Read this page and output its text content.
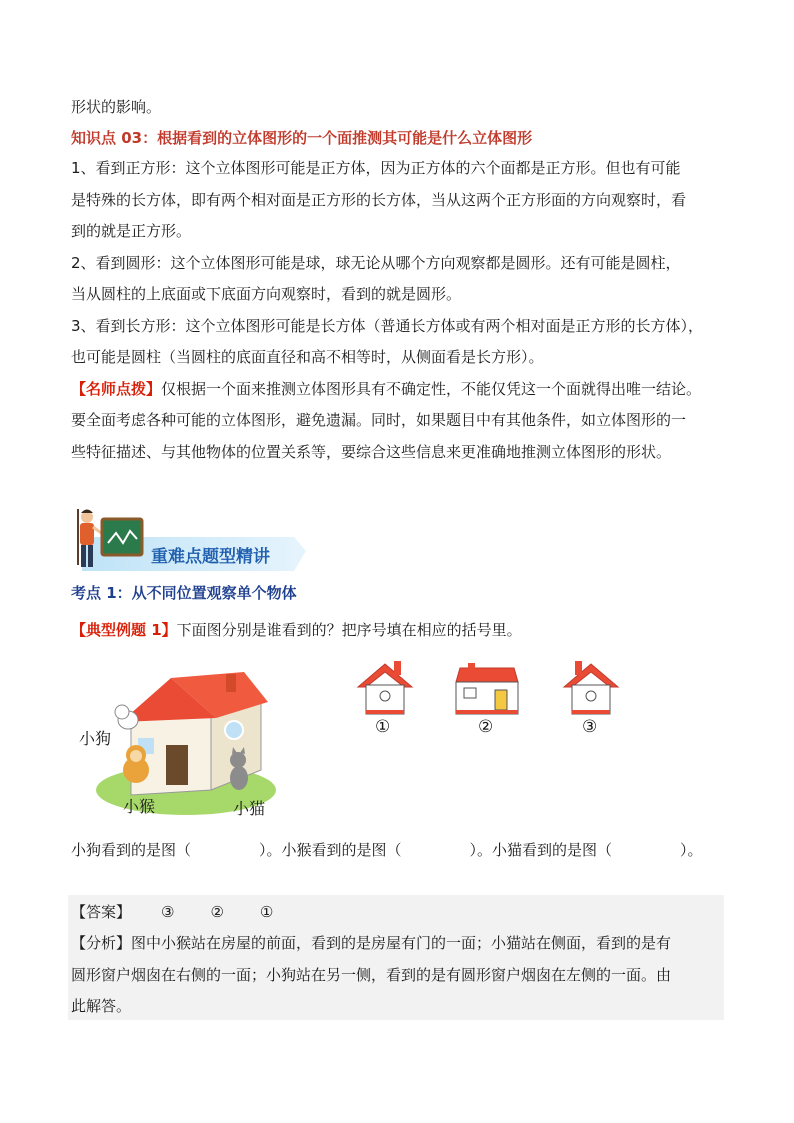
形状的影响。
知识点 03：根据看到的立体图形的一个面推测其可能是什么立体图形
1、看到正方形：这个立体图形可能是正方体，因为正方体的六个面都是正方形。但也有可能
是特殊的长方体，即有两个相对面是正方形的长方体，当从这两个正方形面的方向观察时，看
到的就是正方形。
2、看到圆形：这个立体图形可能是球，球无论从哪个方向观察都是圆形。还有可能是圆柱，
当从圆柱的上底面或下底面方向观察时，看到的就是圆形。
3、看到长方形：这个立体图形可能是长方体（普通长方体或有两个相对面是正方形的长方体），
也可能是圆柱（当圆柱的底面直径和高不相等时，从侧面看是长方形）。
【名师点拨】仅根据一个面来推测立体图形具有不确定性，不能仅凭这一个面就得出唯一结论。
要全面考虑各种可能的立体图形，避免遗漏。同时，如果题目中有其他条件，如立体图形的一
些特征描述、与其他物体的位置关系等，要综合这些信息来更准确地推测立体图形的形状。
重难点题型精讲
考点 1：从不同位置观察单个物体
【典型例题 1】下面图分别是谁看到的？把序号填在相应的括号里。
小狗
小猴	小猫
①	②	③
小狗看到的是图（	）。小猴看到的是图（	）。小猫看到的是图（	）。
【答案】 ③ ② ①
【分析】图中小猴站在房屋的前面，看到的是房屋有门的一面；小猫站在侧面，看到的是有
圆形窗户烟囱在右侧的一面；小狗站在另一侧，看到的是有圆形窗户烟囱在左侧的一面。由
此解答。
